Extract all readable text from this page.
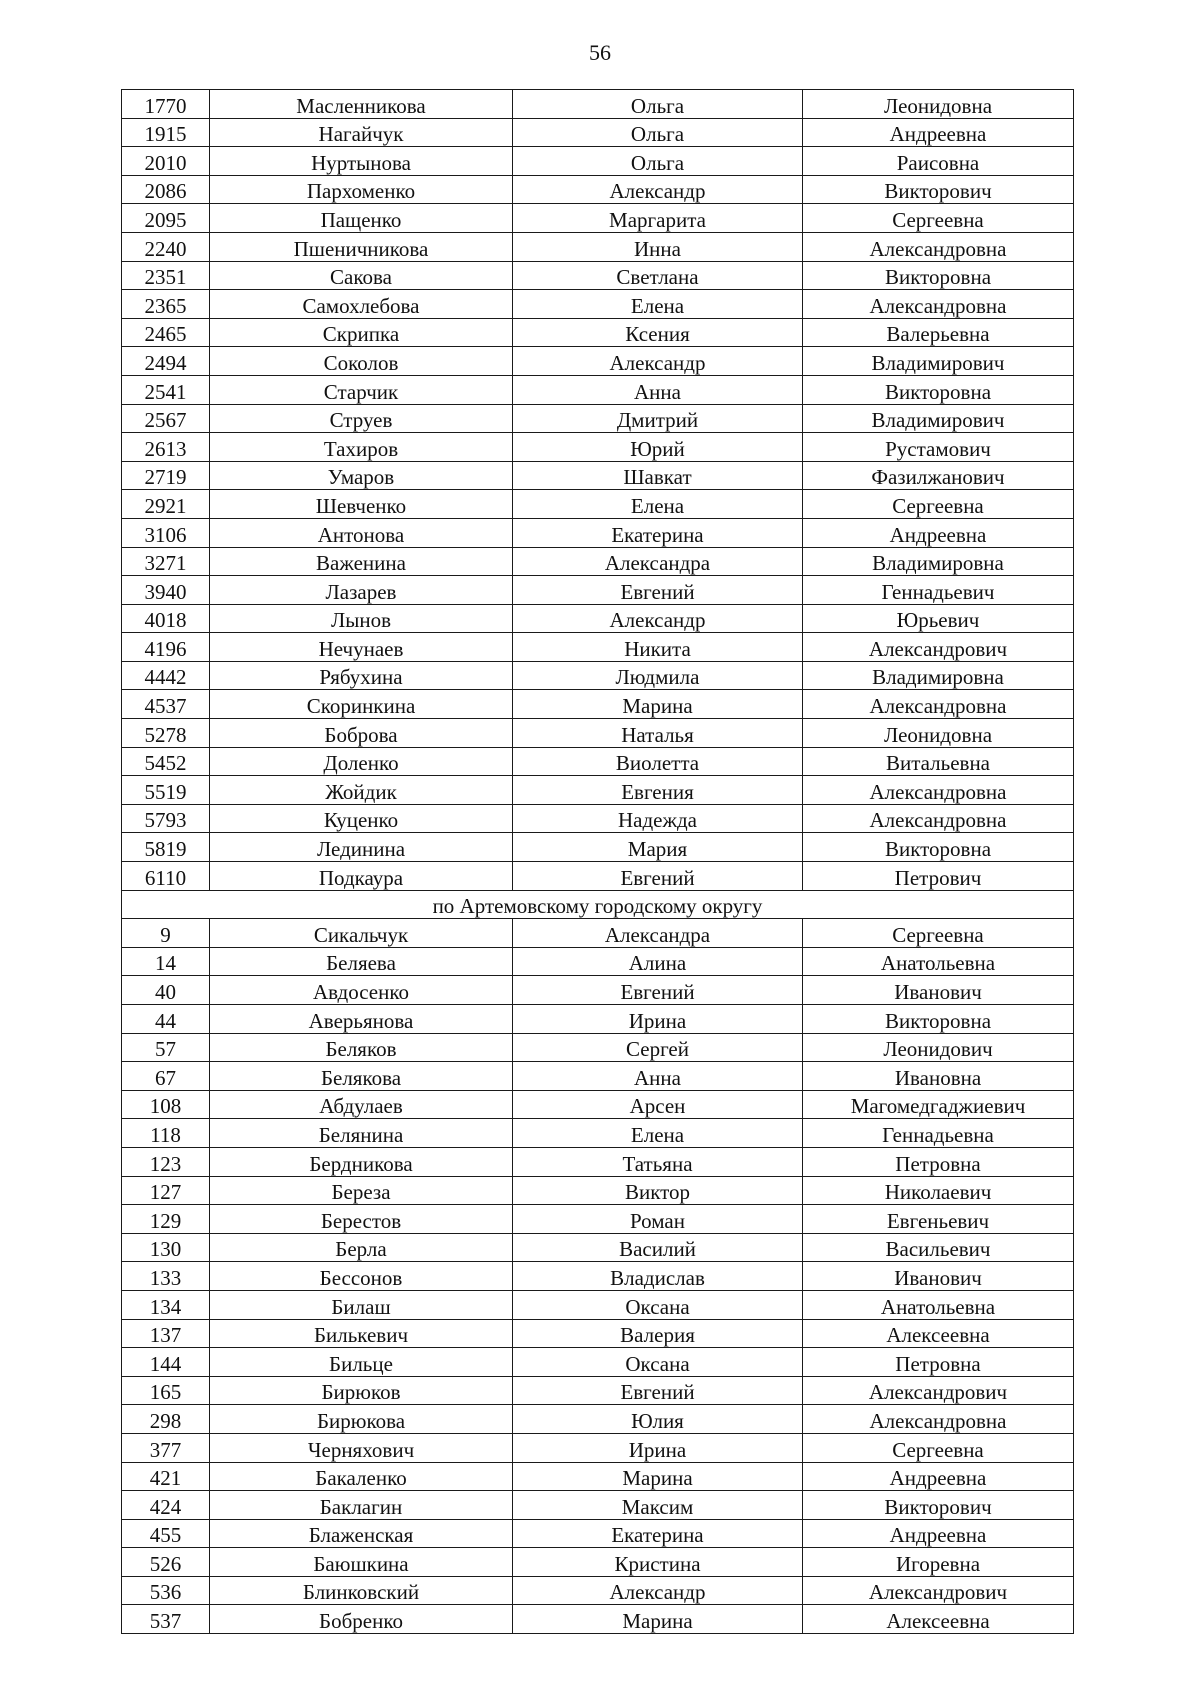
56
1770	Масленникова	Ольга	Леонидовна
1915	Нагайчук	Ольга	Андреевна
2010	Нуртынова	Ольга	Раисовна
2086	Пархоменко	Александр	Викторович
2095	Пащенко	Маргарита	Сергеевна
2240	Пшеничникова	Инна	Александровна
2351	Сакова	Светлана	Викторовна
2365	Самохлебова	Елена	Александровна
2465	Скрипка	Ксения	Валерьевна
2494	Соколов	Александр	Владимирович
2541	Старчик	Анна	Викторовна
2567	Струев	Дмитрий	Владимирович
2613	Тахиров	Юрий	Рустамович
2719	Умаров	Шавкат	Фазилжанович
2921	Шевченко	Елена	Сергеевна
3106	Антонова	Екатерина	Андреевна
3271	Важенина	Александра	Владимировна
3940	Лазарев	Евгений	Геннадьевич
4018	Лынов	Александр	Юрьевич
4196	Нечунаев	Никита	Александрович
4442	Рябухина	Людмила	Владимировна
4537	Скоринкина	Марина	Александровна
5278	Боброва	Наталья	Леонидовна
5452	Доленко	Виолетта	Витальевна
5519	Жойдик	Евгения	Александровна
5793	Куценко	Надежда	Александровна
5819	Лединина	Мария	Викторовна
6110	Подкаура	Евгений	Петрович
по Артемовскому городскому округу			
9	Сикальчук	Александра	Сергеевна
14	Беляева	Алина	Анатольевна
40	Авдосенко	Евгений	Иванович
44	Аверьянова	Ирина	Викторовна
57	Беляков	Сергей	Леонидович
67	Белякова	Анна	Ивановна
108	Абдулаев	Арсен	Магомедгаджиевич
118	Белянина	Елена	Геннадьевна
123	Бердникова	Татьяна	Петровна
127	Береза	Виктор	Николаевич
129	Берестов	Роман	Евгеньевич
130	Берла	Василий	Васильевич
133	Бессонов	Владислав	Иванович
134	Билаш	Оксана	Анатольевна
137	Билькевич	Валерия	Алексеевна
144	Бильце	Оксана	Петровна
165	Бирюков	Евгений	Александрович
298	Бирюкова	Юлия	Александровна
377	Черняхович	Ирина	Сергеевна
421	Бакаленко	Марина	Андреевна
424	Баклагин	Максим	Викторович
455	Блаженская	Екатерина	Андреевна
526	Баюшкина	Кристина	Игоревна
536	Блинковский	Александр	Александрович
537	Бобренко	Марина	Алексеевна
